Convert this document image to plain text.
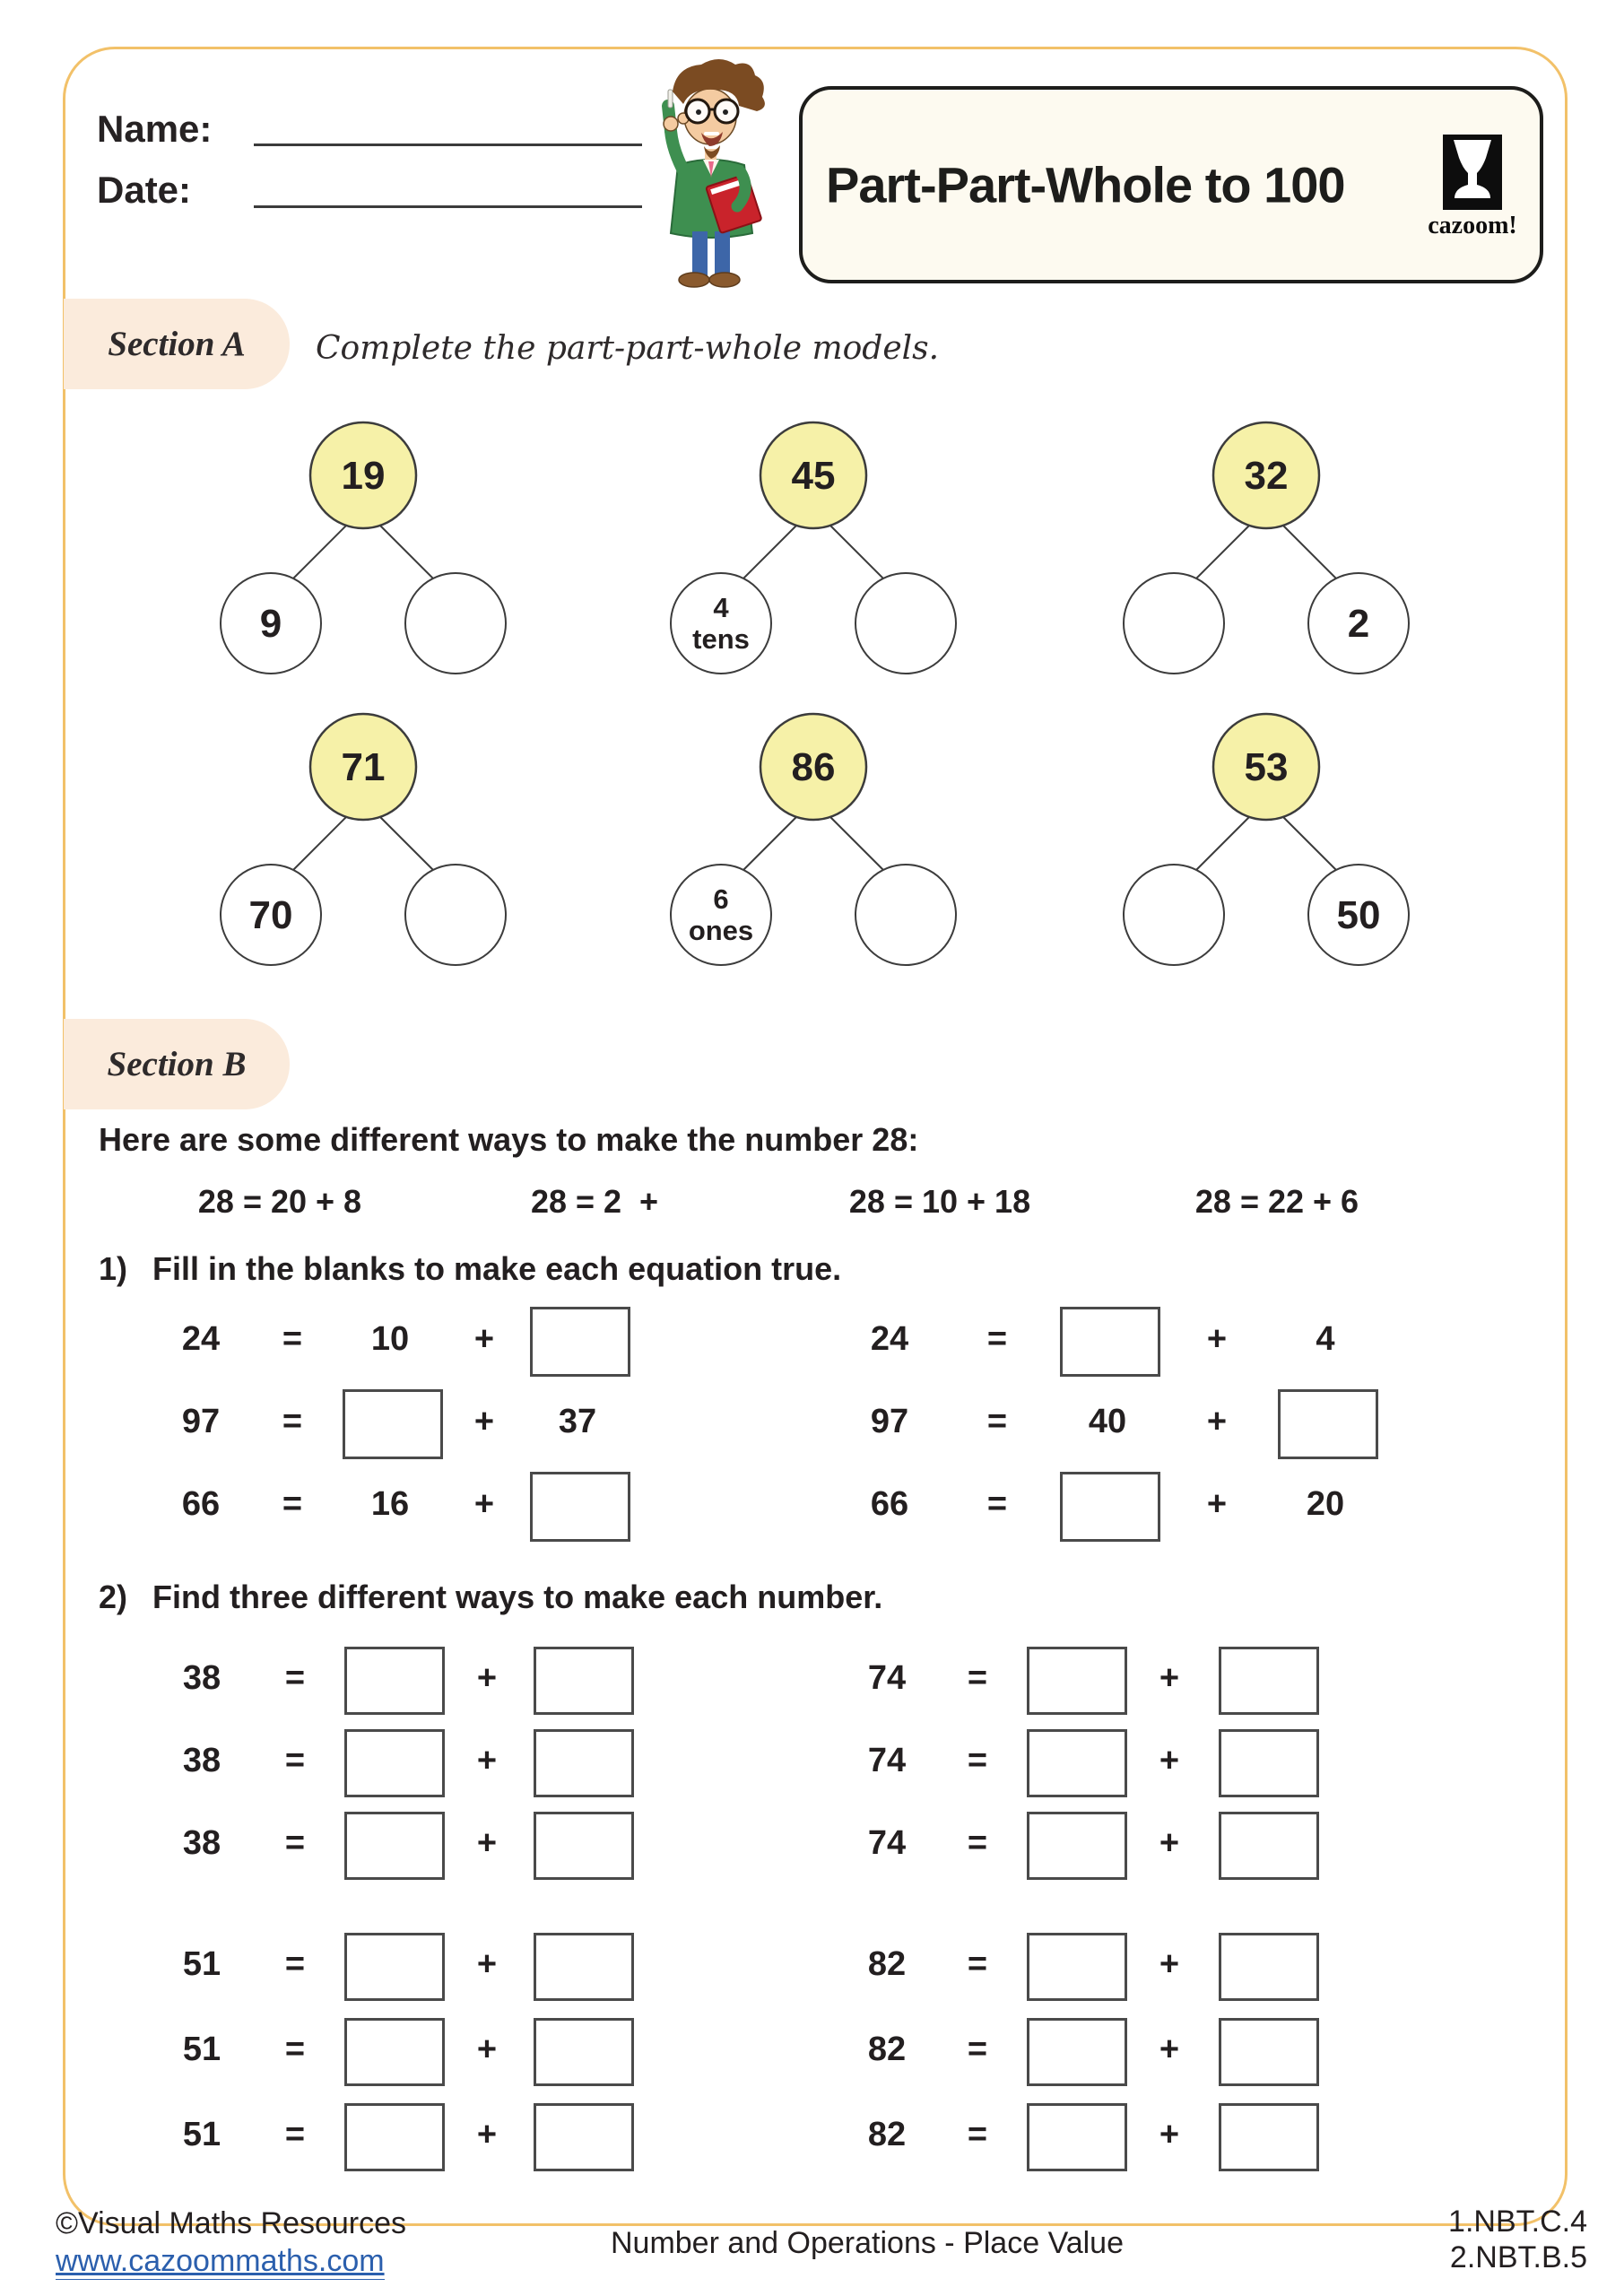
Name:
Date:	Part-Part-Whole to 100
cazoom!
Section A	Complete the part-part-whole models.
Section B
Here are some different ways to make the number 28:
28 = 20 + 8	28 = 2  +	28 = 10 + 18	28 = 22 + 6
1) Fill in the blanks to make each equation true.
2) Find three different ways to make each number.
©Visual Maths Resources
www.cazoommaths.com
Number and Operations - Place Value
1.NBT.C.4
2.NBT.B.5
19
9
45
4 tens
32
2
71
70
86
6 ones
53
50
24 = 10 +	24 =	+	4
97 =	+ 37	97 = 40 +
66 = 16 +	66 =	+ 20
38 =	+	74 =	+
38 =	+	74 =	+
38 =	+	74 =	+
51 =	+	82 =	+
51 =	+	82 =	+
51 =	+	82 =	+
